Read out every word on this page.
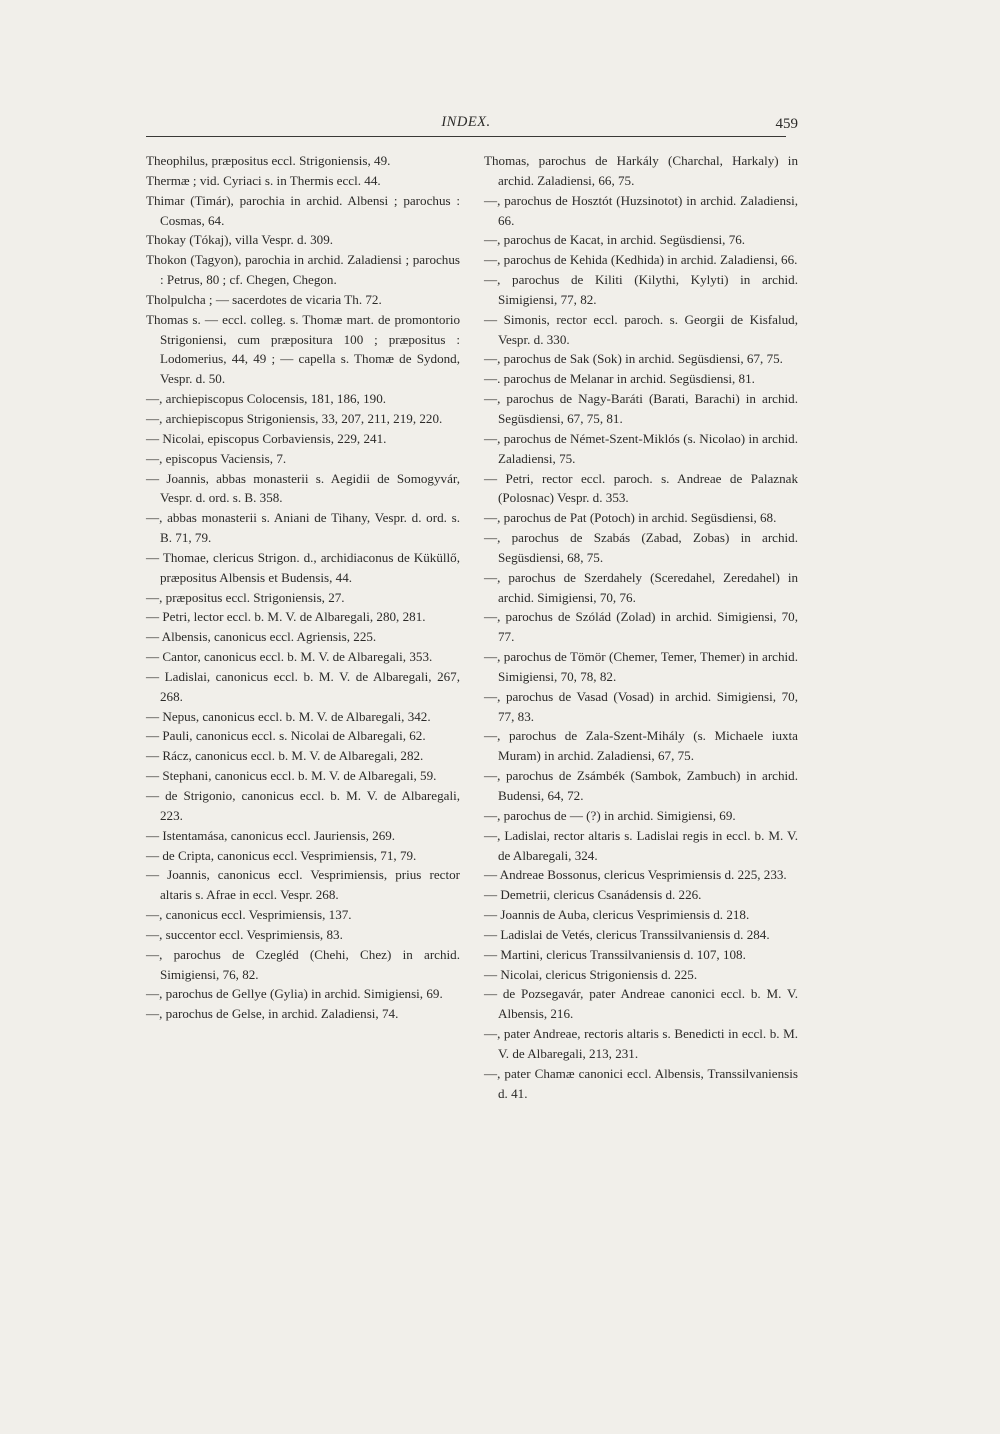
INDEX.	459

Theophilus, præpositus eccl. Strigoniensis, 49.

Thermæ ; vid. Cyriaci s. in Thermis eccl. 44.

Thimar (Timár), parochia in archid. Albensi ; parochus : Cosmas, 64.

Thokay (Tókaj), villa Vespr. d. 309.

Thokon (Tagyon), parochia in archid. Zaladiensi ; parochus : Petrus, 80 ; cf. Chegen, Chegon.

Tholpulcha ; — sacerdotes de vicaria Th. 72.

Thomas s. — eccl. colleg. s. Thomæ mart. de promontorio Strigoniensi, cum præpositura 100 ; præpositus : Lodomerius, 44, 49 ; — capella s. Thomæ de Sydond, Vespr. d. 50.

—, archiepiscopus Colocensis, 181, 186, 190.

—, archiepiscopus Strigoniensis, 33, 207, 211, 219, 220.

— Nicolai, episcopus Corbaviensis, 229, 241.

—, episcopus Vaciensis, 7.

— Joannis, abbas monasterii s. Aegidii de Somogyvár, Vespr. d. ord. s. B. 358.

—, abbas monasterii s. Aniani de Tihany, Vespr. d. ord. s. B. 71, 79.

— Thomae, clericus Strigon. d., archidiaconus de Küküllő, præpositus Albensis et Budensis, 44.

—, præpositus eccl. Strigoniensis, 27.

— Petri, lector eccl. b. M. V. de Albaregali, 280, 281.

— Albensis, canonicus eccl. Agriensis, 225.

— Cantor, canonicus eccl. b. M. V. de Albaregali, 353.

— Ladislai, canonicus eccl. b. M. V. de Albaregali, 267, 268.

— Nepus, canonicus eccl. b. M. V. de Albaregali, 342.

— Pauli, canonicus eccl. s. Nicolai de Albaregali, 62.

— Rácz, canonicus eccl. b. M. V. de Albaregali, 282.

— Stephani, canonicus eccl. b. M. V. de Albaregali, 59.

— de Strigonio, canonicus eccl. b. M. V. de Albaregali, 223.

— Istentamása, canonicus eccl. Jauriensis, 269.

— de Cripta, canonicus eccl. Vesprimiensis, 71, 79.

— Joannis, canonicus eccl. Vesprimiensis, prius rector altaris s. Afrae in eccl. Vespr. 268.

—, canonicus eccl. Vesprimiensis, 137.

—, succentor eccl. Vesprimiensis, 83.

—, parochus de Czegléd (Chehi, Chez) in archid. Simigiensi, 76, 82.

—, parochus de Gellye (Gylia) in archid. Simigiensi, 69.

—, parochus de Gelse, in archid. Zaladiensi, 74.

Thomas, parochus de Harkály (Charchal, Harkaly) in archid. Zaladiensi, 66, 75.

—, parochus de Hosztót (Huzsinotot) in archid. Zaladiensi, 66.

—, parochus de Kacat, in archid. Següsdiensi, 76.

—, parochus de Kehida (Kedhida) in archid. Zaladiensi, 66.

—, parochus de Kiliti (Kilythi, Kylyti) in archid. Simigiensi, 77, 82.

— Simonis, rector eccl. paroch. s. Georgii de Kisfalud, Vespr. d. 330.

—, parochus de Sak (Sok) in archid. Següsdiensi, 67, 75.

—. parochus de Melanar in archid. Següsdiensi, 81.

—, parochus de Nagy-Baráti (Barati, Barachi) in archid. Següsdiensi, 67, 75, 81.

—, parochus de Német-Szent-Miklós (s. Nicolao) in archid. Zaladiensi, 75.

— Petri, rector eccl. paroch. s. Andreae de Palaznak (Polosnac) Vespr. d. 353.

—, parochus de Pat (Potoch) in archid. Següsdiensi, 68.

—, parochus de Szabás (Zabad, Zobas) in archid. Següsdiensi, 68, 75.

—, parochus de Szerdahely (Sceredahel, Zeredahel) in archid. Simigiensi, 70, 76.

—, parochus de Szólád (Zolad) in archid. Simigiensi, 70, 77.

—, parochus de Tömör (Chemer, Temer, Themer) in archid. Simigiensi, 70, 78, 82.

—, parochus de Vasad (Vosad) in archid. Simigiensi, 70, 77, 83.

—, parochus de Zala-Szent-Mihály (s. Michaele iuxta Muram) in archid. Zaladiensi, 67, 75.

—, parochus de Zsámbék (Sambok, Zambuch) in archid. Budensi, 64, 72.

—, parochus de — (?) in archid. Simigiensi, 69.

—, Ladislai, rector altaris s. Ladislai regis in eccl. b. M. V. de Albaregali, 324.

— Andreae Bossonus, clericus Vesprimiensis d. 225, 233.

— Demetrii, clericus Csanádensis d. 226.

— Joannis de Auba, clericus Vesprimiensis d. 218.

— Ladislai de Vetés, clericus Transsilvaniensis d. 284.

— Martini, clericus Transsilvaniensis d. 107, 108.

— Nicolai, clericus Strigoniensis d. 225.

— de Pozsegavár, pater Andreae canonici eccl. b. M. V. Albensis, 216.

—, pater Andreae, rectoris altaris s. Benedicti in eccl. b. M. V. de Albaregali, 213, 231.

—, pater Chamæ canonici eccl. Albensis, Transsilvaniensis d. 41.
